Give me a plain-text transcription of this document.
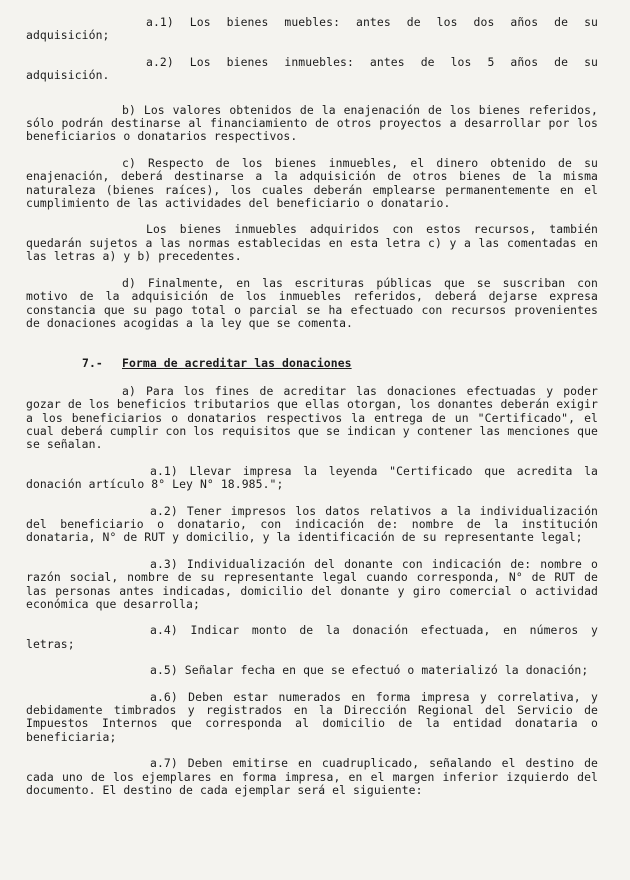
a.1) Los bienes muebles: antes de los dos años de su adquisición;

a.2) Los bienes inmuebles: antes de los 5 años de su adquisición.

b) Los valores obtenidos de la enajenación de los bienes referidos, sólo podrán destinarse al financiamiento de otros proyectos a desarrollar por los beneficiarios o donatarios respectivos.

c) Respecto de los bienes inmuebles, el dinero obtenido de su enajenación, deberá destinarse a la adquisición de otros bienes de la misma naturaleza (bienes raíces), los cuales deberán emplearse permanentemente en el cumplimiento de las actividades del beneficiario o donatario.

Los bienes inmuebles adquiridos con estos recursos, también quedarán sujetos a las normas establecidas en esta letra c) y a las comentadas en las letras a) y b) precedentes.

d) Finalmente, en las escrituras públicas que se suscriban con motivo de la adquisición de los inmuebles referidos, deberá dejarse expresa constancia que su pago total o parcial se ha efectuado con recursos provenientes de donaciones acogidas a la ley que se comenta.

7.- Forma de acreditar las donaciones

a) Para los fines de acreditar las donaciones efectuadas y poder gozar de los beneficios tributarios que ellas otorgan, los donantes deberán exigir a los beneficiarios o donatarios respectivos la entrega de un "Certificado", el cual deberá cumplir con los requisitos que se indican y contener las menciones que se señalan.

a.1) Llevar impresa la leyenda "Certificado que acredita la donación artículo 8° Ley N° 18.985.";

a.2) Tener impresos los datos relativos a la individualización del beneficiario o donatario, con indicación de: nombre de la institución donataria, N° de RUT y domicilio, y la identificación de su representante legal;

a.3) Individualización del donante con indicación de: nombre o razón social, nombre de su representante legal cuando corresponda, N° de RUT de las personas antes indicadas, domicilio del donante y giro comercial o actividad económica que desarrolla;

a.4) Indicar monto de la donación efectuada, en números y letras;

a.5) Señalar fecha en que se efectuó o materializó la donación;

a.6) Deben estar numerados en forma impresa y correlativa, y debidamente timbrados y registrados en la Dirección Regional del Servicio de Impuestos Internos que corresponda al domicilio de la entidad donataria o beneficiaria;

a.7) Deben emitirse en cuadruplicado, señalando el destino de cada uno de los ejemplares en forma impresa, en el margen inferior izquierdo del documento. El destino de cada ejemplar será el siguiente:
